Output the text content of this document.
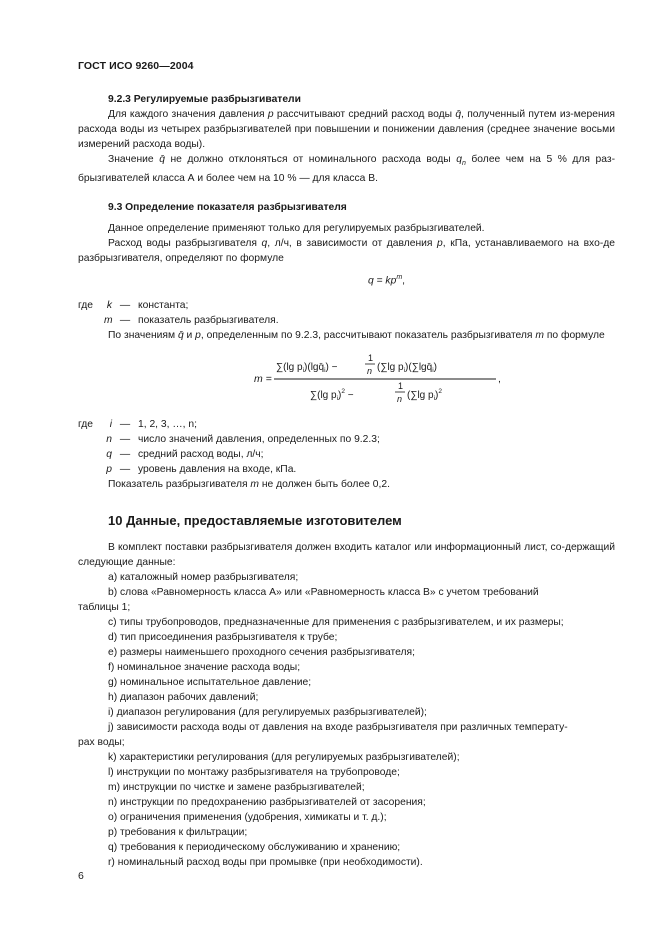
ГОСТ ИСО 9260—2004

9.2.3 Регулируемые разбрызгиватели

Для каждого значения давления p рассчитывают средний расход воды q̄, полученный путем из-мерения расхода воды из четырех разбрызгивателей при повышении и понижении давления (среднее значение восьми измерений расхода воды).

Значение q̄ не должно отклоняться от номинального расхода воды $q_n$ более чем на 5 % для раз-брызгивателей класса А и более чем на 10 % — для класса В.

9.3 Определение показателя разбрызгивателя

Данное определение применяют только для регулируемых разбрызгивателей.

Расход воды разбрызгивателя q, л/ч, в зависимости от давления p, кПа, устанавливаемого на вхо-де разбрызгивателя, определяют по формуле

$q = kp^m$,

где	k — константа;
m — показатель разбрызгивателя.

По значениям q̄ и p, определенным по 9.2.3, рассчитывают показатель разбрызгивателя m по формуле

m =
∑(lg $p_i)(\lg q̄_i)$ −
1
n (∑lg $p_i)(\sum\lg q̄_i)$
∑(lg $p_i)^2$ −
1
n (∑lg $p_i)^2$
,
где	i — 1, 2, 3, …, n;
n — число значений давления, определенных по 9.2.3;
q — средний расход воды, л/ч;
p — уровень давления на входе, кПа.

Показатель разбрызгивателя m не должен быть более 0,2.

10 Данные, предоставляемые изготовителем

В комплект поставки разбрызгивателя должен входить каталог или информационный лист, со-держащий следующие данные:

a) каталожный номер разбрызгивателя;

b) слова «Равномерность класса А» или «Равномерность класса В» с учетом требований

таблицы 1;

c) типы трубопроводов, предназначенные для применения с разбрызгивателем, и их размеры;

d) тип присоединения разбрызгивателя к трубе;

e) размеры наименьшего проходного сечения разбрызгивателя;

f) номинальное значение расхода воды;

g) номинальное испытательное давление;

h) диапазон рабочих давлений;

i) диапазон регулирования (для регулируемых разбрызгивателей);

j) зависимости расхода воды от давления на входе разбрызгивателя при различных температу-

рах воды;

k) характеристики регулирования (для регулируемых разбрызгивателей);

l) инструкции по монтажу разбрызгивателя на трубопроводе;

m) инструкции по чистке и замене разбрызгивателей;

n) инструкции по предохранению разбрызгивателей от засорения;

o) ограничения применения (удобрения, химикаты и т. д.);

p) требования к фильтрации;

q) требования к периодическому обслуживанию и хранению;

r) номинальный расход воды при промывке (при необходимости).

6
